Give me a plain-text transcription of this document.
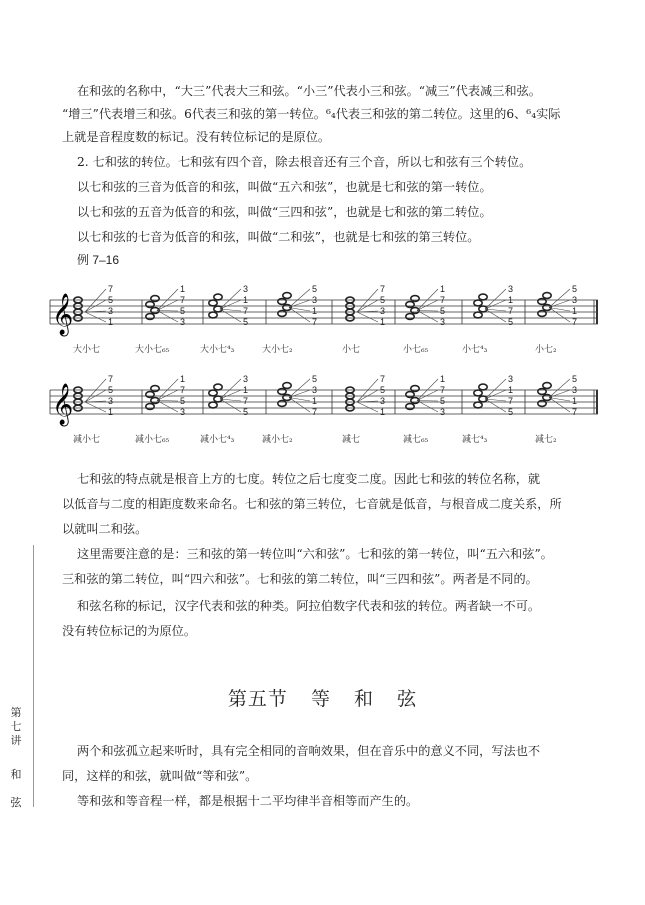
在和弦的名称中，“大三”代表大三和弦。“小三”代表小三和弦。“减三”代表减三和弦。

“增三”代表增三和弦。6代表三和弦的第一转位。⁶₄代表三和弦的第二转位。这里的6、⁶₄实际

上就是音程度数的标记。没有转位标记的是原位。

2. 七和弦的转位。七和弦有四个音，除去根音还有三个音，所以七和弦有三个转位。

以七和弦的三音为低音的和弦，叫做“五六和弦”，也就是七和弦的第一转位。

以七和弦的五音为低音的和弦，叫做“三四和弦”，也就是七和弦的第二转位。

以七和弦的七音为低音的和弦，叫做“二和弦”，也就是七和弦的第三转位。

例 7–16
𝄞
7
5
3
1
1
7
5
3
3
1
7
5
5
3
1
7
7
5
3
1
1
7
5
3
3
1
7
5
5
3
1
7
大小七	大小七₆₅	大小七⁴₃	大小七₂	小七	小七₆₅	小七⁴₃	小七₂
𝄞
7
5
3
1
1
7
5
3
3
1
7
5
5
3
1
7
7
5
3
1
1
7
5
3
3
1
7
5
5
3
1
7
减小七	减小七₆₅	减小七⁴₃	减小七₂	减七	减七₆₅	减七⁴₃	减七₂

七和弦的特点就是根音上方的七度。转位之后七度变二度。因此七和弦的转位名称，就

以低音与二度的相距度数来命名。七和弦的第三转位，七音就是低音，与根音成二度关系，所

以就叫二和弦。

这里需要注意的是：三和弦的第一转位叫“六和弦”。七和弦的第一转位，叫“五六和弦”。

三和弦的第二转位，叫“四六和弦”。七和弦的第二转位，叫“三四和弦”。两者是不同的。

和弦名称的标记，汉字代表和弦的种类。阿拉伯数字代表和弦的转位。两者缺一不可。

没有转位标记的为原位。

第五节 等 和 弦

两个和弦孤立起来听时，具有完全相同的音响效果，但在音乐中的意义不同，写法也不

同，这样的和弦，就叫做“等和弦”。

等和弦和等音程一样，都是根据十二平均律半音相等而产生的。

第七讲
和
弦
